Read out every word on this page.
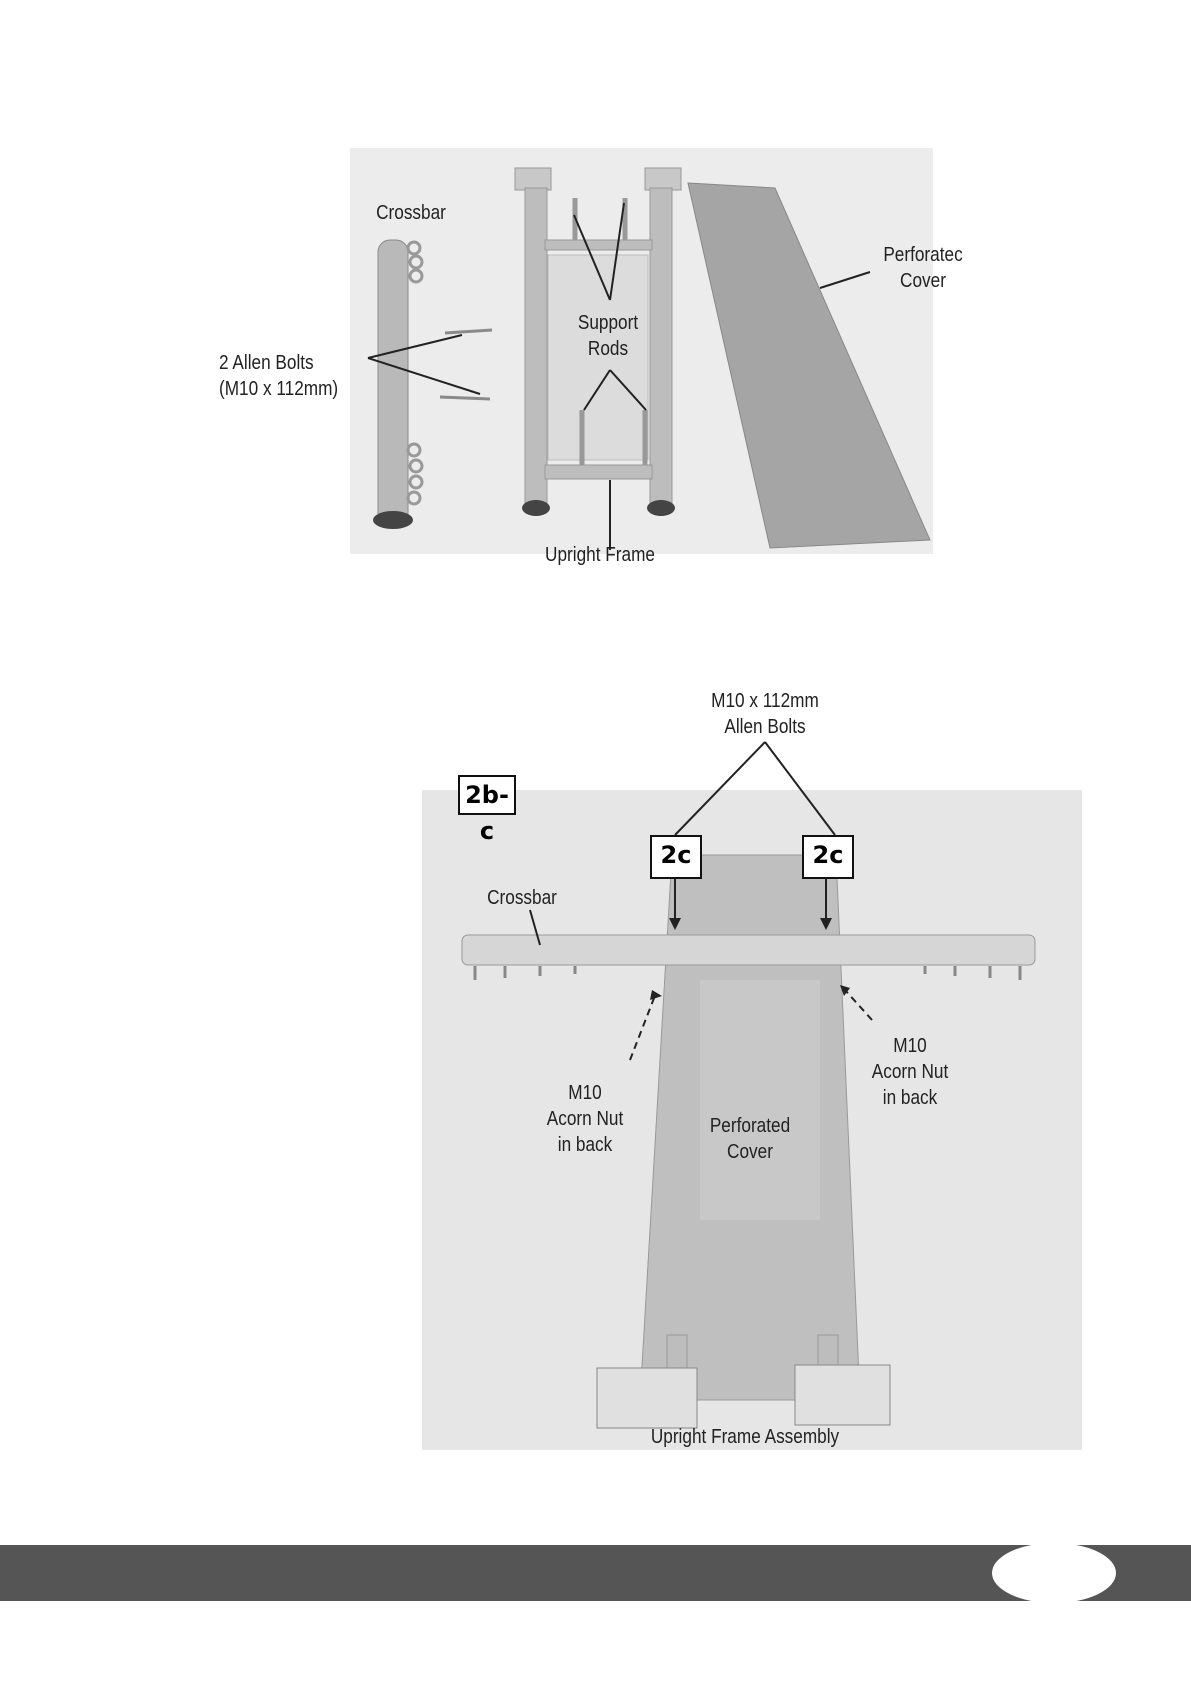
Crossbar
Perforatec
Cover
Support
Rods
2 Allen Bolts
(M10 x 112mm)
Upright Frame
M10 x 112mm
Allen Bolts
2b-c
2c	2c
Crossbar
M10
Acorn Nut
in back
M10
Acorn Nut
in back
Perforated
Cover
Upright Frame Assembly
